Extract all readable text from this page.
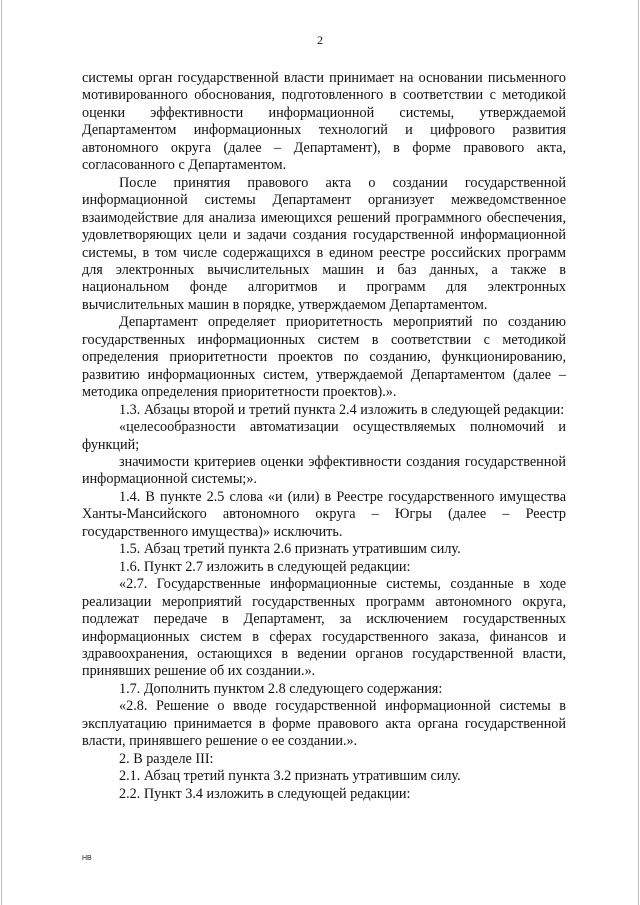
2

системы орган государственной власти принимает на основании письменного мотивированного обоснования, подготовленного в соответствии с методикой оценки эффективности информационной системы, утверждаемой Департаментом информационных технологий и цифрового развития автономного округа (далее – Департамент), в форме правового акта, согласованного с Департаментом.

После принятия правового акта о создании государственной информационной системы Департамент организует межведомственное взаимодействие для анализа имеющихся решений программного обеспечения, удовлетворяющих цели и задачи создания государственной информационной системы, в том числе содержащихся в едином реестре российских программ для электронных вычислительных машин и баз данных, а также в национальном фонде алгоритмов и программ для электронных вычислительных машин в порядке, утверждаемом Департаментом.

Департамент определяет приоритетность мероприятий по созданию государственных информационных систем в соответствии с методикой определения приоритетности проектов по созданию, функционированию, развитию информационных систем, утверждаемой Департаментом (далее – методика определения приоритетности проектов).».

1.3. Абзацы второй и третий пункта 2.4 изложить в следующей редакции:

«целесообразности автоматизации осуществляемых полномочий и функций;

значимости критериев оценки эффективности создания государственной информационной системы;».

1.4. В пункте 2.5 слова «и (или) в Реестре государственного имущества Ханты-Мансийского автономного округа – Югры (далее – Реестр государственного имущества)» исключить.

1.5. Абзац третий пункта 2.6 признать утратившим силу.

1.6. Пункт 2.7 изложить в следующей редакции:

«2.7. Государственные информационные системы, созданные в ходе реализации мероприятий государственных программ автономного округа, подлежат передаче в Департамент, за исключением государственных информационных систем в сферах государственного заказа, финансов и здравоохранения, остающихся в ведении органов государственной власти, принявших решение об их создании.».

1.7. Дополнить пунктом 2.8 следующего содержания:

«2.8. Решение о вводе государственной информационной системы в эксплуатацию принимается в форме правового акта органа государственной власти, принявшего решение о ее создании.».

2. В разделе III:

2.1. Абзац третий пункта 3.2 признать утратившим силу.

2.2. Пункт 3.4 изложить в следующей редакции:

HB
